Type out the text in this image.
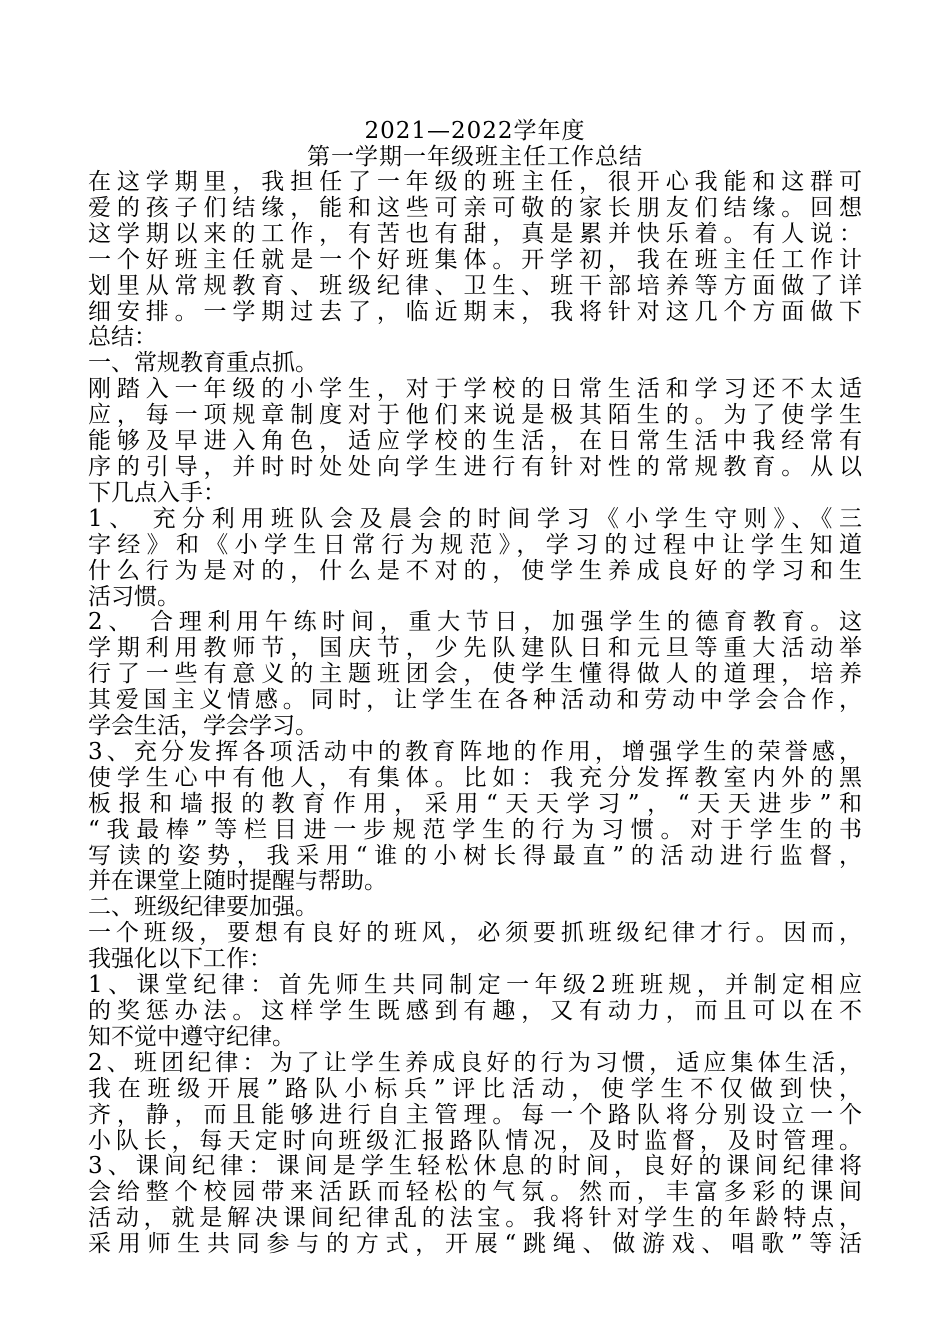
2021—2022学年度

第一学期一年级班主任工作总结

在这学期里，我担任了一年级的班主任，很开心我能和这群可
爱的孩子们结缘，能和这些可亲可敬的家长朋友们结缘。回想
这学期以来的工作，有苦也有甜，真是累并快乐着。有人说：
一个好班主任就是一个好班集体。开学初，我在班主任工作计
划里从常规教育、班级纪律、卫生、班干部培养等方面做了详
细安排。一学期过去了，临近期末，我将针对这几个方面做下
总结：
一、常规教育重点抓。
刚踏入一年级的小学生，对于学校的日常生活和学习还不太适
应，每一项规章制度对于他们来说是极其陌生的。为了使学生
能够及早进入角色，适应学校的生活，在日常生活中我经常有
序的引导，并时时处处向学生进行有针对性的常规教育。从以
下几点入手：
1、 充分利用班队会及晨会的时间学习《小学生守则》、《三
字经》和《小学生日常行为规范》，学习的过程中让学生知道
什么行为是对的，什么是不对的，使学生养成良好的学习和生
活习惯。
2、 合理利用午练时间，重大节日，加强学生的德育教育。这
学期利用教师节，国庆节，少先队建队日和元旦等重大活动举
行了一些有意义的主题班团会，使学生懂得做人的道理，培养
其爱国主义情感。同时，让学生在各种活动和劳动中学会合作，
学会生活，学会学习。
3、充分发挥各项活动中的教育阵地的作用，增强学生的荣誉感，
使学生心中有他人，有集体。比如：我充分发挥教室内外的黑
板报和墙报的教育作用，采用“天天学习”，“天天进步”和
“我最棒”等栏目进一步规范学生的行为习惯。对于学生的书
写读的姿势，我采用“谁的小树长得最直”的活动进行监督，
并在课堂上随时提醒与帮助。
二、班级纪律要加强。
一个班级，要想有良好的班风，必须要抓班级纪律才行。因而，
我强化以下工作：
1、课堂纪律：首先师生共同制定一年级2班班规，并制定相应
的奖惩办法。这样学生既感到有趣，又有动力，而且可以在不
知不觉中遵守纪律。
2、班团纪律：为了让学生养成良好的行为习惯，适应集体生活，
我在班级开展”路队小标兵”评比活动，使学生不仅做到快，
齐，静，而且能够进行自主管理。每一个路队将分别设立一个
小队长，每天定时向班级汇报路队情况，及时监督，及时管理。
3、课间纪律：课间是学生轻松休息的时间，良好的课间纪律将
会给整个校园带来活跃而轻松的气氛。然而，丰富多彩的课间
活动，就是解决课间纪律乱的法宝。我将针对学生的年龄特点，
采用师生共同参与的方式，开展“跳绳、做游戏、唱歌”等活
